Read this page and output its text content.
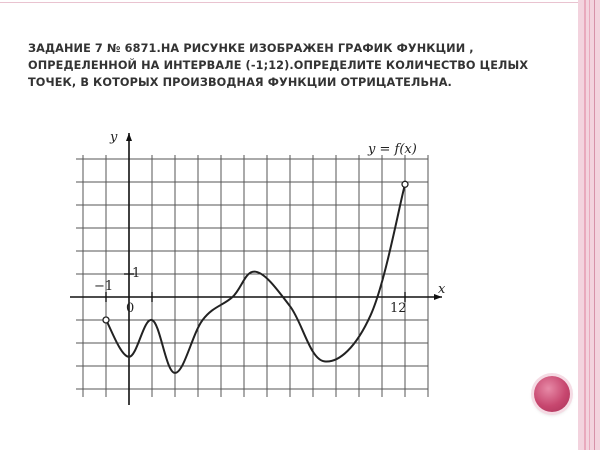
ЗАДАНИЕ 7 № 6871.НА РИСУНКЕ ИЗОБРАЖЕН ГРАФИК ФУНКЦИИ , ОПРЕДЕЛЕННОЙ НА ИНТЕРВАЛЕ (-1;12).ОПРЕДЕЛИТЕ КОЛИЧЕСТВО ЦЕЛЫХ ТОЧЕК, В КОТОРЫХ ПРОИЗВОДНАЯ ФУНКЦИИ ОТРИЦАТЕЛЬНА.
y
x
y = f(x)
−1
0	12
1
